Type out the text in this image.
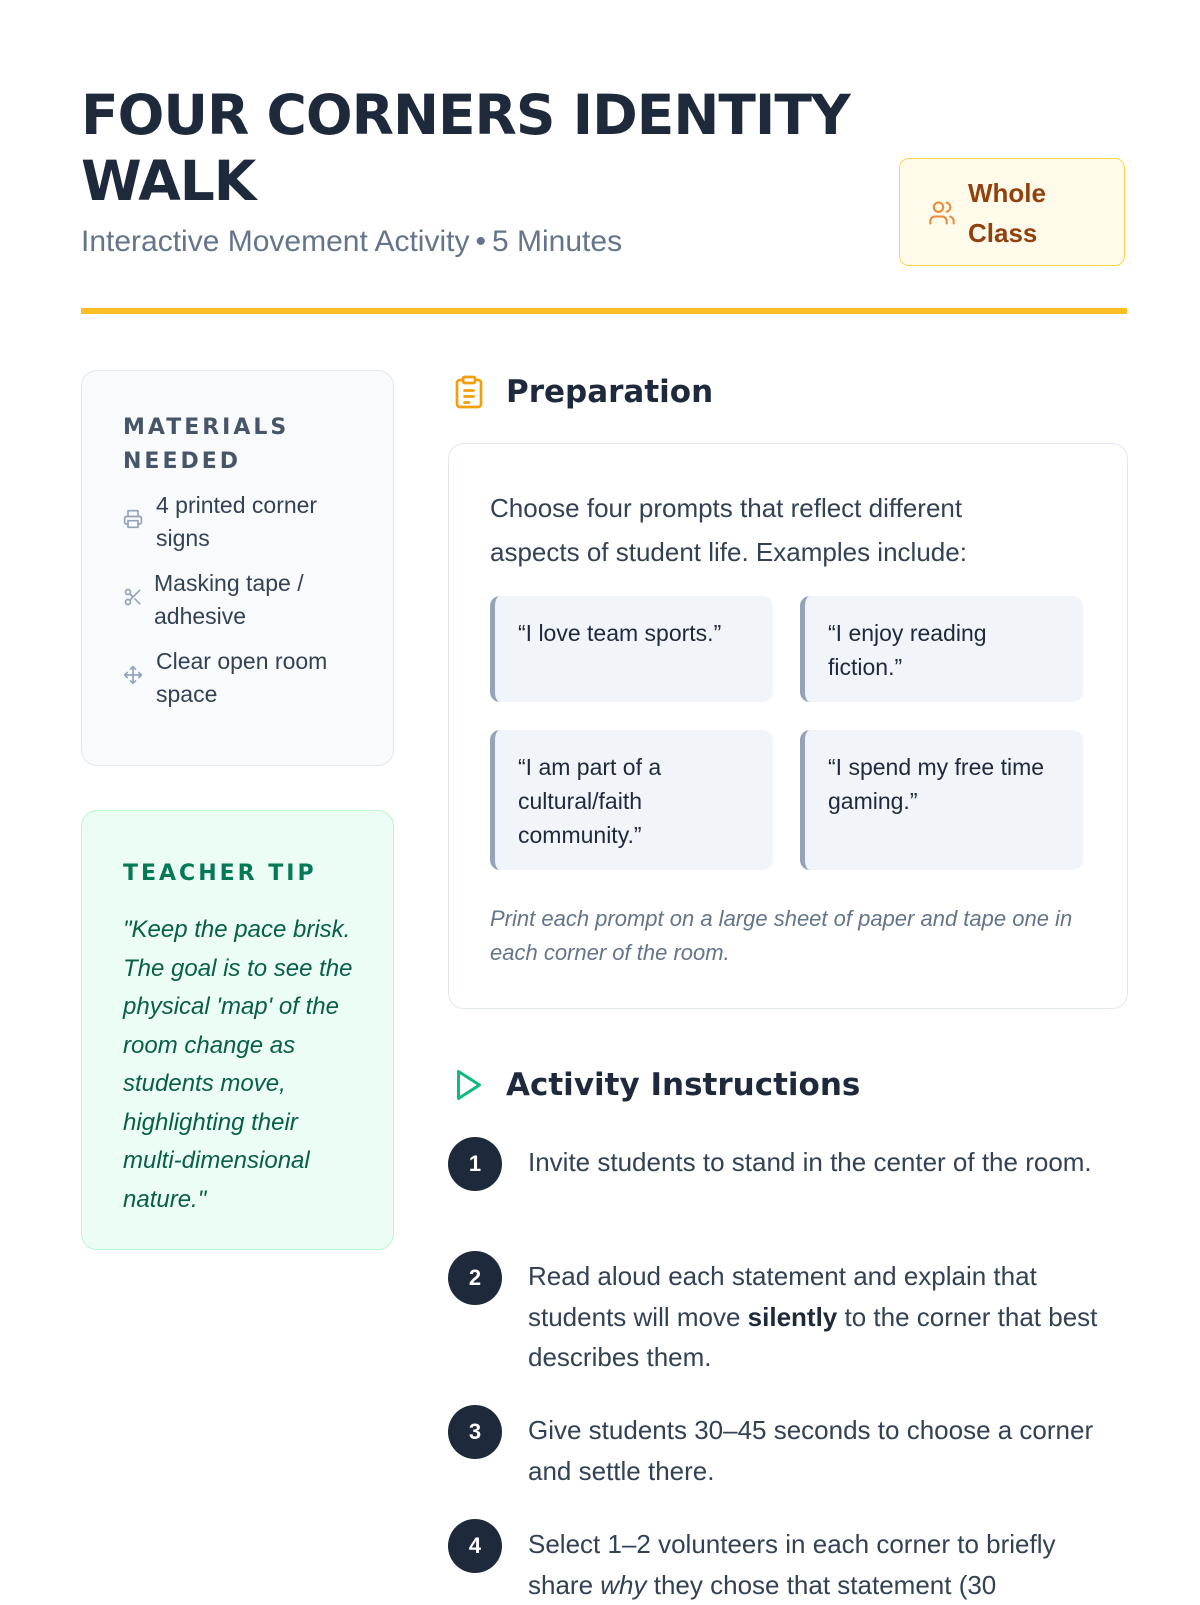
FOUR CORNERS IDENTITY WALK
Interactive Movement Activity • 5 Minutes
Whole Class
MATERIALS NEEDED
4 printed corner signs
Masking tape / adhesive
Clear open room space
TEACHER TIP
"Keep the pace brisk. The goal is to see the physical 'map' of the room change as students move, highlighting their multi-dimensional nature."
Preparation
Choose four prompts that reflect different aspects of student life. Examples include:
“I love team sports.”	“I enjoy reading fiction.”
“I am part of a cultural/faith community.”
“I spend my free time gaming.”
Print each prompt on a large sheet of paper and tape one in each corner of the room.
Activity Instructions
1	Invite students to stand in the center of the room.
2	Read aloud each statement and explain that students will move silently to the corner that best describes them.
3	Give students 30–45 seconds to choose a corner and settle there.
4	Select 1–2 volunteers in each corner to briefly share why they chose that statement (30
